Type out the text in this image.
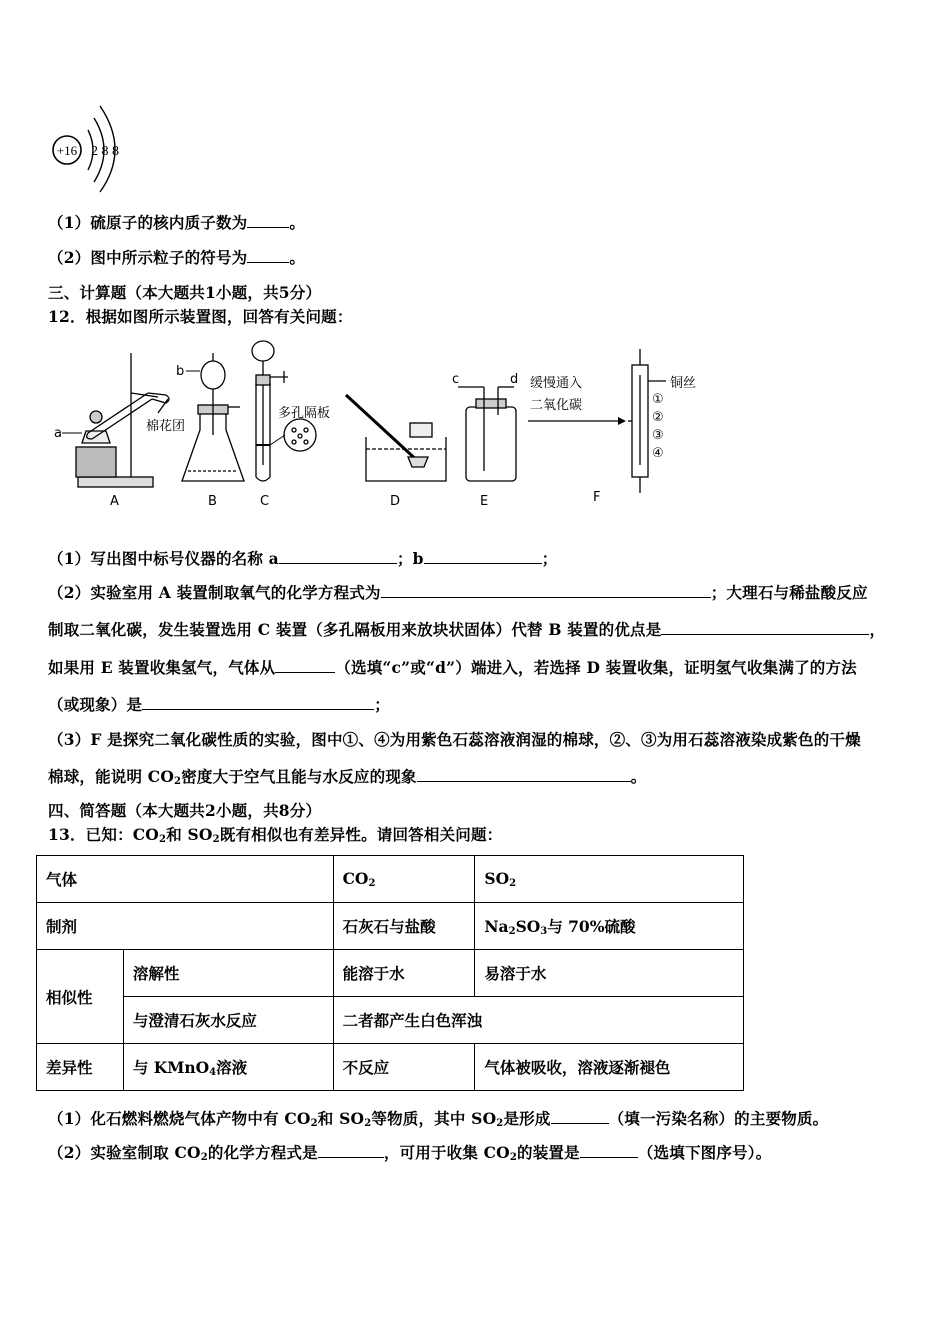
+16 2 8 8
（1）硫原子的核内质子数为	。
（2）图中所示粒子的符号为	。
三、计算题（本大题共1小题，共5分）
12．根据如图所示装置图，回答有关问题：
a	棉花团
A
b
B
多孔隔板
C	D
c	d
E
缓慢通入
二氧化碳
铜丝
①
②
③
④
F
（1）写出图中标号仪器的名称 a	；b	；
（2）实验室用 A 装置制取氧气的化学方程式为	；大理石与稀盐酸反应
制取二氧化碳，发生装置选用 C 装置（多孔隔板用来放块状固体）代替 B 装置的优点是	，
如果用 E 装置收集氢气，气体从	（选填“c”或“d”）端进入，若选择 D 装置收集，证明氢气收集满了的方法
（或现象）是	；
（3）F 是探究二氧化碳性质的实验，图中①、④为用紫色石蕊溶液润湿的棉球，②、③为用石蕊溶液染成紫色的干燥
棉球，能说明 $CO_2$密度大于空气且能与水反应的现象	。
四、简答题（本大题共2小题，共8分）
13．已知：$CO_2$和 $SO_2$既有相似也有差异性。请回答相关问题：
气体		$CO_2$	$SO_2$
制剂		石灰石与盐酸	$Na_2SO_3$与 70%硫酸
相似性	溶解性	能溶于水	易溶于水
	与澄清石灰水反应	二者都产生白色浑浊	
差异性	与 KMnO$_4$溶液	不反应	气体被吸收，溶液逐渐褪色
（1）化石燃料燃烧气体产物中有 $CO_2$和 $SO_2$等物质，其中 $SO_2$是形成	（填一污染名称）的主要物质。
（2）实验室制取 $CO_2$的化学方程式是	，可用于收集 $CO_2$的装置是	（选填下图序号）。
